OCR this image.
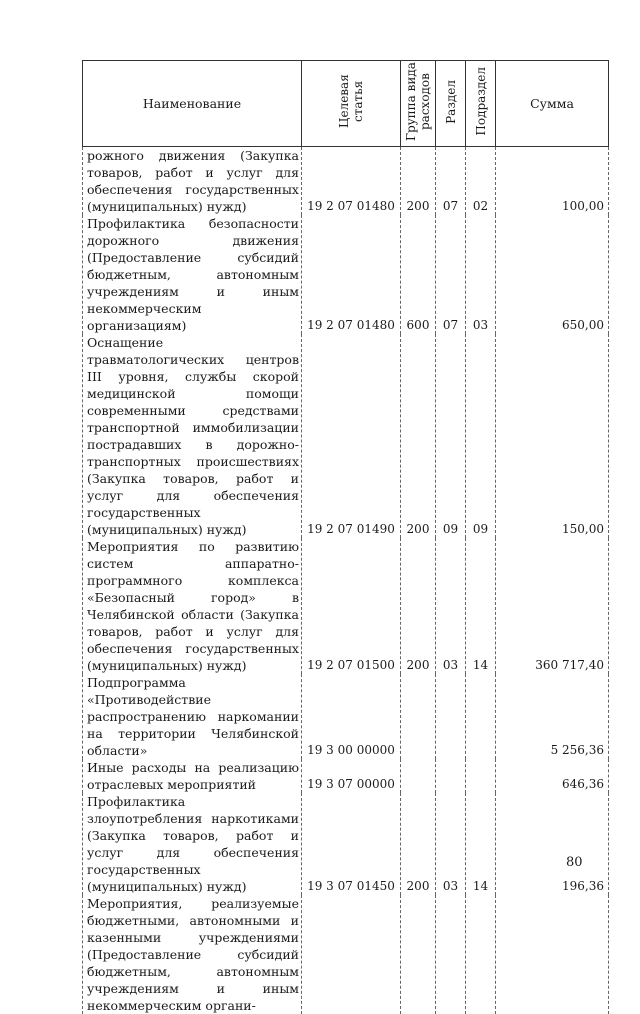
Наименование	Целевая статья	Группа вида расходов	Раздел	Подраздел	Сумма
рожного движения (Закупка товаров, работ и услуг для обеспечения государственных (муниципальных) нужд)	19 2 07 01480	200	07	02	100,00
Профилактика безопасности дорожного движения (Предоставление субсидий бюджетным, автономным учреждениям и иным некоммерческим организациям)	19 2 07 01480	600	07	03	650,00
Оснащение травматологических центров III уровня, службы скорой медицинской помощи современными средствами транспортной иммобилизации пострадавших в дорожно-транспортных происшествиях (Закупка товаров, работ и услуг для обеспечения государственных (муниципальных) нужд)	19 2 07 01490	200	09	09	150,00
Мероприятия по развитию систем аппаратно-программного комплекса «Безопасный город» в Челябинской области (Закупка товаров, работ и услуг для обеспечения государственных (муниципальных) нужд)	19 2 07 01500	200	03	14	360 717,40
Подпрограмма «Противодействие распространению наркомании на территории Челябинской области»	19 3 00 00000				5 256,36
Иные расходы на реализацию отраслевых мероприятий	19 3 07 00000				646,36
Профилактика злоупотребления наркотиками (Закупка товаров, работ и услуг для обеспечения государственных (муниципальных) нужд)	19 3 07 01450	200	03	14	196,36
Мероприятия, реализуемые бюджетными, автономными и казенными учреждениями (Предоставление субсидий бюджетным, автономным учреждениям и иным некоммерческим органи-					
80
